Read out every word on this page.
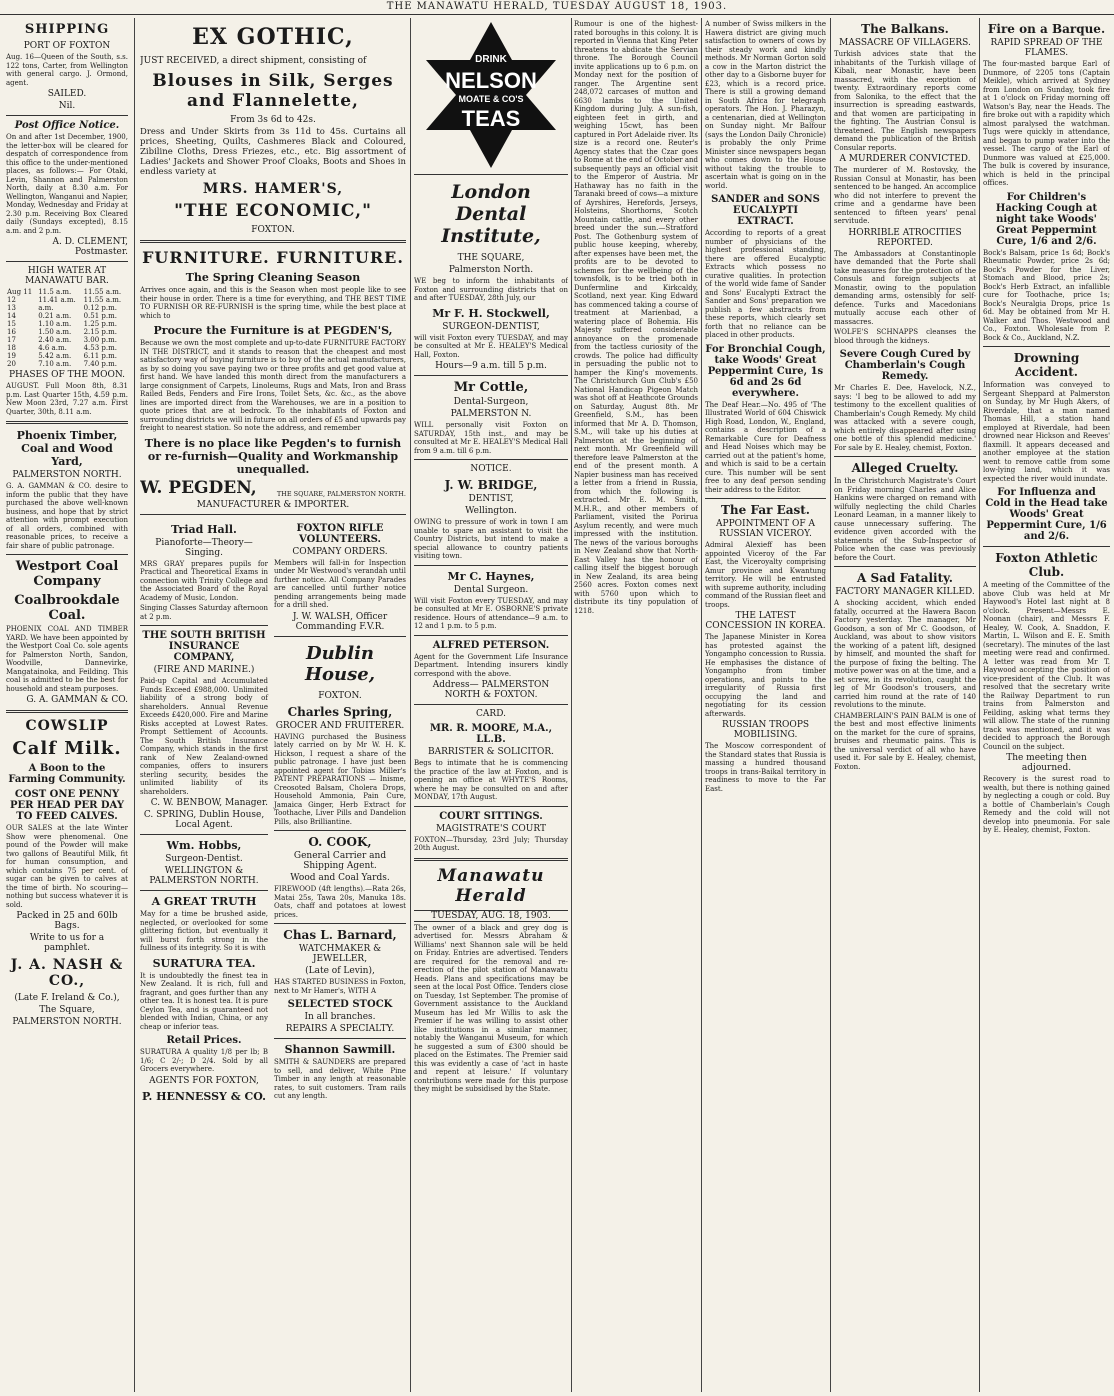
THE MANAWATU HERALD, TUESDAY AUGUST 18, 1903.
SHIPPING
PORT OF FOXTON
Aug. 16—Queen of the South, s.s. 122 tons, Carter, from Wellington with general cargo. J. Ormond, agent.
SAILED.
Nil.
Post Office Notice.
On and after 1st December, 1900, the letter-box will be cleared for despatch of correspondence from this office to the under-mentioned places, as follows:— For Otaki, Levin, Shannon and Palmerston North, daily at 8.30 a.m. For Wellington, Wanganui and Napier, Monday, Wednesday and Friday at 2.30 p.m. Receiving Box Cleared daily (Sundays excepted), 8.15 a.m. and 2 p.m.
A. D. CLEMENT, Postmaster.
HIGH WATER AT MANAWATU BAR.
Aug 11	11.5 a.m.	11.55 a.m.
12	11.41 a.m.	11.55 a.m.
13	a.m.	0.12 p.m.
14	0.21 a.m.	0.51 p.m.
15	1.10 a.m.	1.25 p.m.
16	1.50 a.m.	2.15 p.m.
17	2.40 a.m.	3.00 p.m.
18	4.6 a.m.	4.53 p.m.
19	5.42 a.m.	6.11 p.m.
20	7.10 a.m.	7.40 p.m.
PHASES OF THE MOON.
AUGUST. Full Moon 8th, 8.31 p.m. Last Quarter 15th, 4.59 p.m. New Moon 23rd, 7.27 a.m. First Quarter, 30th, 8.11 a.m.
Phoenix Timber, Coal and Wood Yard,
PALMERSTON NORTH.
G. A. GAMMAN & CO. desire to inform the public that they have purchased the above well-known business, and hope that by strict attention with prompt execution of all orders, combined with reasonable prices, to receive a fair share of public patronage.
Westport Coal Company
Coalbrookdale Coal.
PHOENIX COAL AND TIMBER YARD. We have been appointed by the Westport Coal Co. sole agents for Palmerston North, Sandon, Woodville, Dannevirke, Mangatainoka, and Feilding. This coal is admitted to be the best for household and steam purposes.
G. A. GAMMAN & CO.
COWSLIP
Calf Milk.
A Boon to the Farming Community.
COST ONE PENNY PER HEAD PER DAY TO FEED CALVES.
OUR SALES at the late Winter Show were phenomenal. One pound of the Powder will make two gallons of Beautiful Milk, fit for human consumption, and which contains 75 per cent. of sugar can be given to calves at the time of birth. No scouring—nothing but success whatever it is sold.
Packed in 25 and 60lb Bags.
Write to us for a pamphlet.
J. A. NASH & CO.,
(Late F. Ireland & Co.),
The Square,
PALMERSTON NORTH.
EX GOTHIC,
JUST RECEIVED, a direct shipment, consisting of
Blouses in Silk, Serges and Flannelette,
From 3s 6d to 42s.
Dress and Under Skirts from 3s 11d to 45s. Curtains all prices, Sheeting, Quilts, Cashmeres Black and Coloured, Zibiline Cloths, Dress Friezes, etc., etc. Big assortment of Ladies' Jackets and Shower Proof Cloaks, Boots and Shoes in endless variety at
MRS. HAMER'S,
"THE ECONOMIC,"
FOXTON.
FURNITURE. FURNITURE.
The Spring Cleaning Season
Arrives once again, and this is the Season when most people like to see their house in order. There is a time for everything, and THE BEST TIME TO FURNISH OR RE-FURNISH is the spring time, while the best place at which to
Procure the Furniture is at PEGDEN'S,
Because we own the most complete and up-to-date FURNITURE FACTORY IN THE DISTRICT, and it stands to reason that the cheapest and most satisfactory way of buying furniture is to buy of the actual manufacturers, as by so doing you save paying two or three profits and get good value at first hand. We have landed this month direct from the manufacturers a large consignment of Carpets, Linoleums, Rugs and Mats, Iron and Brass Railed Beds, Fenders and Fire Irons, Toilet Sets, &c. &c., as the above lines are imported direct from the Warehouses, we are in a position to quote prices that are at bedrock. To the inhabitants of Foxton and surrounding districts we will in future on all orders of £5 and upwards pay freight to nearest station. So note the address, and remember
There is no place like Pegden's to furnish or re-furnish—Quality and Workmanship unequalled.
W. PEGDEN,	THE SQUARE, PALMERSTON NORTH.
MANUFACTURER & IMPORTER.
Triad Hall.
Pianoforte—Theory—Singing.
MRS GRAY prepares pupils for Practical and Theoretical Exams in connection with Trinity College and the Associated Board of the Royal Academy of Music, London.
Singing Classes Saturday afternoon at 2 p.m.
THE SOUTH BRITISH INSURANCE COMPANY,
(FIRE AND MARINE.)
Paid-up Capital and Accumulated Funds Exceed £988,000. Unlimited liability of a strong body of shareholders. Annual Revenue Exceeds £420,000. Fire and Marine Risks accepted at Lowest Rates. Prompt Settlement of Accounts. The South British Insurance Company, which stands in the first rank of New Zealand-owned companies, offers to insurers sterling security, besides the unlimited liability of its shareholders.
C. W. BENBOW, Manager.
C. SPRING, Dublin House, Local Agent.
Wm. Hobbs,
Surgeon-Dentist.
WELLINGTON & PALMERSTON NORTH.
A GREAT TRUTH
May for a time be brushed aside, neglected, or overlooked for some glittering fiction, but eventually it will burst forth strong in the fullness of its integrity. So it is with
SURATURA TEA.
It is undoubtedly the finest tea in New Zealand. It is rich, full and fragrant, and goes further than any other tea. It is honest tea. It is pure Ceylon Tea, and is guaranteed not blended with Indian, China, or any cheap or inferior teas.
Retail Prices.
SURATURA A quality 1/8 per lb; B 1/6; C 2/-; D 2/4. Sold by all Grocers everywhere.
AGENTS FOR FOXTON,
P. HENNESSY & CO.
FOXTON RIFLE VOLUNTEERS.
COMPANY ORDERS.
Members will fall-in for Inspection under Mr Westwood's verandah until further notice. All Company Parades are cancelled until further notice pending arrangements being made for a drill shed.
J. W. WALSH, Officer Commanding F.V.R.
Dublin House,
FOXTON.
Charles Spring,
GROCER AND FRUITERER.
HAVING purchased the Business lately carried on by Mr W. H. K. Hickson, I request a share of the public patronage. I have just been appointed agent for Tobias Miller's PATENT PREPARATIONS — Inisme, Creosoted Balsam, Cholera Drops, Household Ammonia, Pain Cure, Jamaica Ginger, Herb Extract for Toothache, Liver Pills and Dandelion Pills, also Brilliantine.
O. COOK,
General Carrier and Shipping Agent.
Wood and Coal Yards.
FIREWOOD (4ft lengths).—Rata 26s, Matai 25s, Tawa 20s, Manuka 18s. Oats, chaff and potatoes at lowest prices.
Chas L. Barnard,
WATCHMAKER & JEWELLER,
(Late of Levin),
HAS STARTED BUSINESS in Foxton, next to Mr Hamer's, WITH A
SELECTED STOCK
In all branches.
REPAIRS A SPECIALTY.
Shannon Sawmill.
SMITH & SAUNDERS are prepared to sell, and deliver, White Pine Timber in any length at reasonable rates, to suit customers. Tram rails cut any length.
DRINK
NELSON
MOATE & CO'S
TEAS
London Dental Institute,
THE SQUARE,
Palmerston North.
WE beg to inform the inhabitants of Foxton and surrounding districts that on and after TUESDAY, 28th July, our
Mr F. H. Stockwell,
SURGEON-DENTIST,
will visit Foxton every TUESDAY, and may be consulted at Mr E. HEALEY'S Medical Hall, Foxton.
Hours—9 a.m. till 5 p.m.
Mr Cottle,
Dental-Surgeon,
PALMERSTON N.
WILL personally visit Foxton on SATURDAY, 15th inst., and may be consulted at Mr E. HEALEY'S Medical Hall from 9 a.m. till 6 p.m.
NOTICE.
J. W. BRIDGE,
DENTIST,
Wellington.
OWING to pressure of work in town I am unable to spare an assistant to visit the Country Districts, but intend to make a special allowance to country patients visiting town.
Mr C. Haynes,
Dental Surgeon.
Will visit Foxton every TUESDAY, and may be consulted at Mr E. OSBORNE'S private residence. Hours of attendance—9 a.m. to 12 and 1 p.m. to 5 p.m.
ALFRED PETERSON.
Agent for the Government Life Insurance Department. Intending insurers kindly correspond with the above.
Address— PALMERSTON NORTH & FOXTON.
CARD.
MR. R. MOORE, M.A., LL.B.
BARRISTER & SOLICITOR.
Begs to intimate that he is commencing the practice of the law at Foxton, and is opening an office at WHYTE'S Rooms, where he may be consulted on and after MONDAY, 17th August.
COURT SITTINGS.
MAGISTRATE'S COURT
FOXTON—Thursday, 23rd July; Thursday 20th August.
Manawatu Herald
TUESDAY, AUG. 18, 1903.
The owner of a black and grey dog is advertised for. Messrs Abraham & Williams' next Shannon sale will be held on Friday. Entries are advertised. Tenders are required for the removal and re-erection of the pilot station of Manawatu Heads. Plans and specifications may be seen at the local Post Office. Tenders close on Tuesday, 1st September. The promise of Government assistance to the Auckland Museum has led Mr Willis to ask the Premier if he was willing to assist other like institutions in a similar manner, notably the Wanganui Museum, for which he suggested a sum of £300 should be placed on the Estimates. The Premier said this was evidently a case of 'act in haste and repent at leisure.' If voluntary contributions were made for this purpose they might be subsidised by the State.
Rumour is one of the highest-rated boroughs in this colony. It is reported in Vienna that King Peter threatens to abdicate the Servian throne. The Borough Council invite applications up to 6 p.m. on Monday next for the position of ranger. The Argentine sent 248,072 carcases of mutton and 6630 lambs to the United Kingdom during July. A sun-fish, eighteen feet in girth, and weighing 15cwt, has been captured in Port Adelaide river. Its size is a record one. Reuter's Agency states that the Czar goes to Rome at the end of October and subsequently pays an official visit to the Emperor of Austria. Mr Hathaway has no faith in the Taranaki breed of cows—a mixture of Ayrshires, Herefords, Jerseys, Holsteins, Shorthorns, Scotch Mountain cattle, and every other breed under the sun.—Stratford Post. The Gothenburg system of public house keeping, whereby, after expenses have been met, the profits are to be devoted to schemes for the wellbeing of the townsfolk, is to be tried both in Dunfermline and Kirkcaldy, Scotland, next year. King Edward has commenced taking a course of treatment at Marienbad, a watering place of Bohemia. His Majesty suffered considerable annoyance on the promenade from the tactless curiosity of the crowds. The police had difficulty in persuading the public not to hamper the King's movements. The Christchurch Gun Club's £50 National Handicap Pigeon Match was shot off at Heathcote Grounds on Saturday, August 8th. Mr Greenfield, S.M., has been informed that Mr A. D. Thomson, S.M., will take up his duties at Palmerston at the beginning of next month. Mr Greenfield will therefore leave Palmerston at the end of the present month. A Napier business man has received a letter from a friend in Russia, from which the following is extracted. Mr E. M. Smith, M.H.R., and other members of Parliament, visited the Porirua Asylum recently, and were much impressed with the institution. The news of the various boroughs in New Zealand show that North-East Valley has the honour of calling itself the biggest borough in New Zealand, its area being 2560 acres. Foxton comes next with 5760 upon which to distribute its tiny population of 1218.
A number of Swiss milkers in the Hawera district are giving much satisfaction to owners of cows by their steady work and kindly methods. Mr Norman Gorton sold a cow in the Marton district the other day to a Gisborne buyer for £23, which is a record price. There is still a growing demand in South Africa for telegraph operators. The Hon. J. Pharazyn, a centenarian, died at Wellington on Sunday night. Mr Balfour (says the London Daily Chronicle) is probably the only Prime Minister since newspapers began who comes down to the House without taking the trouble to ascertain what is going on in the world.
SANDER and SONS EUCALYPTI EXTRACT.
According to reports of a great number of physicians of the highest professional standing, there are offered Eucalyptic Extracts which possess no curative qualities. In protection of the world wide fame of Sander and Sons' Eucalypti Extract the Sander and Sons' preparation we publish a few abstracts from these reports, which clearly set forth that no reliance can be placed in other products.
For Bronchial Cough, take Woods' Great Peppermint Cure, 1s 6d and 2s 6d everywhere.
The Deaf Hear.—No. 495 of 'The Illustrated World of 604 Chiswick High Road, London, W., England, contains a description of a Remarkable Cure for Deafness and Head Noises which may be carried out at the patient's home, and which is said to be a certain cure. This number will be sent free to any deaf person sending their address to the Editor.
The Far East.
APPOINTMENT OF A RUSSIAN VICEROY.
Admiral Alexieff has been appointed Viceroy of the Far East, the Viceroyalty comprising Amur province and Kwantung territory. He will be entrusted with supreme authority, including command of the Russian fleet and troops.
THE LATEST CONCESSION IN KOREA.
The Japanese Minister in Korea has protested against the Yongampho concession to Russia. He emphasises the distance of Yongampho from timber operations, and points to the irregularity of Russia first occupying the land and negotiating for its cession afterwards.
RUSSIAN TROOPS MOBILISING.
The Moscow correspondent of the Standard states that Russia is massing a hundred thousand troops in trans-Baikal territory in readiness to move to the Far East.
The Balkans.
MASSACRE OF VILLAGERS.
Turkish advices state that the inhabitants of the Turkish village of Kibali, near Monastir, have been massacred, with the exception of twenty. Extraordinary reports come from Salonika, to the effect that the insurrection is spreading eastwards, and that women are participating in the fighting. The Austrian Consul is threatened. The English newspapers demand the publication of the British Consular reports.
A MURDERER CONVICTED.
The murderer of M. Rostovsky, the Russian Consul at Monastir, has been sentenced to be hanged. An accomplice who did not interfere to prevent the crime and a gendarme have been sentenced to fifteen years' penal servitude.
HORRIBLE ATROCITIES REPORTED.
The Ambassadors at Constantinople have demanded that the Porte shall take measures for the protection of the Consuls and foreign subjects at Monastir, owing to the population demanding arms, ostensibly for self-defence. Turks and Macedonians mutually accuse each other of massacres.
WOLFE'S SCHNAPPS cleanses the blood through the kidneys.
Severe Cough Cured by Chamberlain's Cough Remedy.
Mr Charles E. Dee, Havelock, N.Z., says: 'I beg to be allowed to add my testimony to the excellent qualities of Chamberlain's Cough Remedy. My child was attacked with a severe cough, which entirely disappeared after using one bottle of this splendid medicine.' For sale by E. Healey, chemist, Foxton.
Alleged Cruelty.
In the Christchurch Magistrate's Court on Friday morning Charles and Alice Hankins were charged on remand with wilfully neglecting the child Charles Leonard Leaman, in a manner likely to cause unnecessary suffering. The evidence given accorded with the statements of the Sub-Inspector of Police when the case was previously before the Court.
A Sad Fatality.
FACTORY MANAGER KILLED.
A shocking accident, which ended fatally, occurred at the Hawera Bacon Factory yesterday. The manager, Mr Goodson, a son of Mr C. Goodson, of Auckland, was about to show visitors the working of a patent lift, designed by himself, and mounted the shaft for the purpose of fixing the belting. The motive power was on at the time, and a set screw, in its revolution, caught the leg of Mr Goodson's trousers, and carried him round at the rate of 140 revolutions to the minute.
CHAMBERLAIN'S PAIN BALM is one of the best and most effective liniments on the market for the cure of sprains, bruises and rheumatic pains. This is the universal verdict of all who have used it. For sale by E. Healey, chemist, Foxton.
Fire on a Barque.
RAPID SPREAD OF THE FLAMES.
The four-masted barque Earl of Dunmore, of 2205 tons (Captain Meikle), which arrived at Sydney from London on Sunday, took fire at 1 o'clock on Friday morning off Watson's Bay, near the Heads. The fire broke out with a rapidity which almost paralysed the watchman. Tugs were quickly in attendance, and began to pump water into the vessel. The cargo of the Earl of Dunmore was valued at £25,000. The bulk is covered by insurance, which is held in the principal offices.
For Children's Hacking Cough at night take Woods' Great Peppermint Cure, 1/6 and 2/6.
Bock's Balsam, price 1s 6d; Bock's Rheumatic Powder, price 2s 6d; Bock's Powder for the Liver, Stomach and Blood, price 2s; Bock's Herb Extract, an infallible cure for Toothache, price 1s; Bock's Neuralgia Drops, price 1s 6d. May be obtained from Mr H. Walker and Thos. Westwood and Co., Foxton. Wholesale from P. Bock & Co., Auckland, N.Z.
Drowning Accident.
Information was conveyed to Sergeant Sheppard at Palmerston on Sunday, by Mr Hugh Akers, of Riverdale, that a man named Thomas Hill, a station hand employed at Riverdale, had been drowned near Hickson and Reeves' flaxmill. It appears deceased and another employee at the station went to remove cattle from some low-lying land, which it was expected the river would inundate.
For Influenza and Cold in the Head take Woods' Great Peppermint Cure, 1/6 and 2/6.
Foxton Athletic Club.
A meeting of the Committee of the above Club was held at Mr Haywood's Hotel last night at 8 o'clock. Present—Messrs E. Noonan (chair), and Messrs F. Healey, W. Cook, A. Snaddon, F. Martin, L. Wilson and E. E. Smith (secretary). The minutes of the last meeting were read and confirmed. A letter was read from Mr T. Haywood accepting the position of vice-president of the Club. It was resolved that the secretary write the Railway Department to run trains from Palmerston and Feilding, asking what terms they will allow. The state of the running track was mentioned, and it was decided to approach the Borough Council on the subject.
The meeting then adjourned.
Recovery is the surest road to wealth, but there is nothing gained by neglecting a cough or cold. Buy a bottle of Chamberlain's Cough Remedy and the cold will not develop into pneumonia. For sale by E. Healey, chemist, Foxton.
